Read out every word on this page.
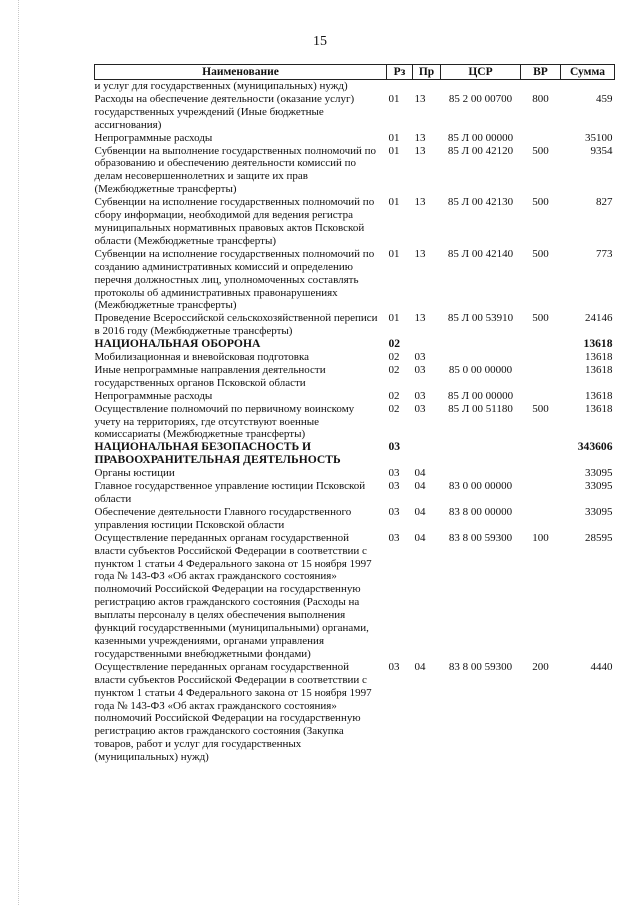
15
Наименование	Рз	Пр	ЦСР	ВР	Сумма
и услуг для государственных (муниципальных) нужд)					
Расходы на обеспечение деятельности (оказание услуг) государственных учреждений (Иные бюджетные ассигнования)	01	13	85 2 00 00700	800	459
Непрограммные расходы	01	13	85 Л 00 00000		35100
Субвенции на выполнение государственных полномочий по образованию и обеспечению деятельности комиссий по делам несовершеннолетних и защите их прав (Межбюджетные трансферты)	01	13	85 Л 00 42120	500	9354
Субвенции на исполнение государственных полномочий по сбору информации, необходимой для ведения регистра муниципальных нормативных правовых актов Псковской области (Межбюджетные трансферты)	01	13	85 Л 00 42130	500	827
Субвенции на исполнение государственных полномочий по созданию административных комиссий и определению перечня должностных лиц, уполномоченных составлять протоколы об административных правонарушениях (Межбюджетные трансферты)	01	13	85 Л 00 42140	500	773
Проведение Всероссийской сельскохозяйственной переписи в 2016 году (Межбюджетные трансферты)	01	13	85 Л 00 53910	500	24146
НАЦИОНАЛЬНАЯ ОБОРОНА	02				13618
Мобилизационная и вневойсковая подготовка	02	03			13618
Иные непрограммные направления деятельности государственных органов Псковской области	02	03	85 0 00 00000		13618
Непрограммные расходы	02	03	85 Л 00 00000		13618
Осуществление полномочий по первичному воинскому учету на территориях, где отсутствуют военные комиссариаты (Межбюджетные трансферты)	02	03	85 Л 00 51180	500	13618
НАЦИОНАЛЬНАЯ БЕЗОПАСНОСТЬ И ПРАВООХРАНИТЕЛЬНАЯ ДЕЯТЕЛЬНОСТЬ	03				343606
Органы юстиции	03	04			33095
Главное государственное управление юстиции Псковской области	03	04	83 0 00 00000		33095
Обеспечение деятельности Главного государственного управления юстиции Псковской области	03	04	83 8 00 00000		33095
Осуществление переданных органам государственной власти субъектов Российской Федерации в соответствии с пунктом 1 статьи 4 Федерального закона от 15 ноября 1997 года № 143-ФЗ «Об актах гражданского состояния» полномочий Российской Федерации на государственную регистрацию актов гражданского состояния (Расходы на выплаты персоналу в целях обеспечения выполнения функций государственными (муниципальными) органами, казенными учреждениями, органами управления государственными внебюджетными фондами)	03	04	83 8 00 59300	100	28595
Осуществление переданных органам государственной власти субъектов Российской Федерации в соответствии с пунктом 1 статьи 4 Федерального закона от 15 ноября 1997 года № 143-ФЗ «Об актах гражданского состояния» полномочий Российской Федерации на государственную регистрацию актов гражданского состояния (Закупка товаров, работ и услуг для государственных (муниципальных) нужд)	03	04	83 8 00 59300	200	4440
